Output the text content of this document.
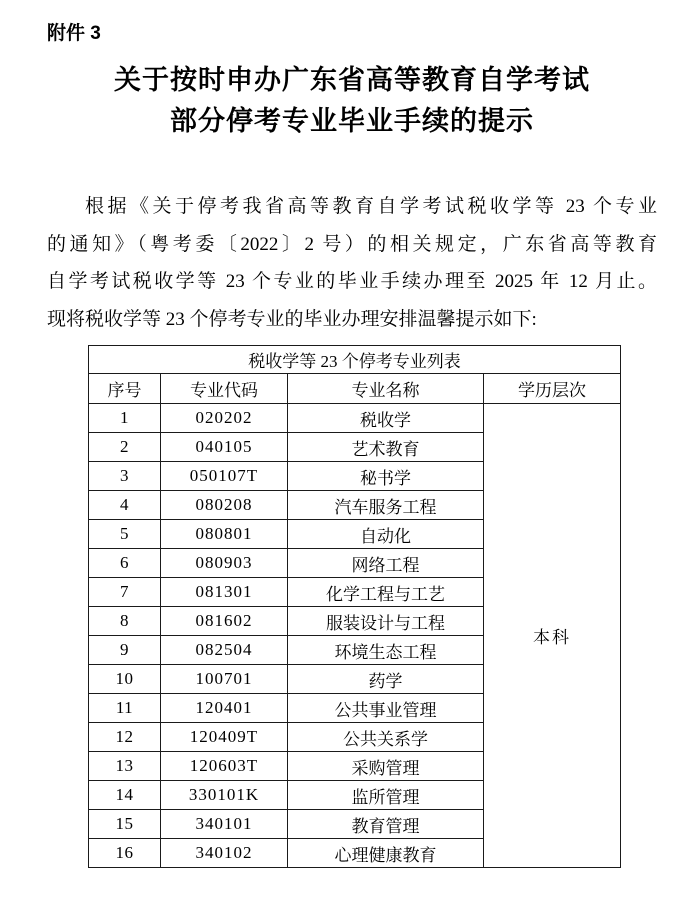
附件 3
关于按时申办广东省高等教育自学考试
部分停考专业毕业手续的提示
根据《关于停考我省高等教育自学考试税收学等 23 个专业
的通知》（粤考委〔2022〕2 号）的相关规定，广东省高等教育
自学考试税收学等 23 个专业的毕业手续办理至 2025 年 12 月止。
现将税收学等 23 个停考专业的毕业办理安排温馨提示如下:
税收学等 23 个停考专业列表			
序号	专业代码	专业名称	学历层次
1	020202	税收学	本科
2	040105	艺术教育	
3	050107T	秘书学	
4	080208	汽车服务工程	
5	080801	自动化	
6	080903	网络工程	
7	081301	化学工程与工艺	
8	081602	服装设计与工程	
9	082504	环境生态工程	
10	100701	药学	
11	120401	公共事业管理	
12	120409T	公共关系学	
13	120603T	采购管理	
14	330101K	监所管理	
15	340101	教育管理	
16	340102	心理健康教育	
